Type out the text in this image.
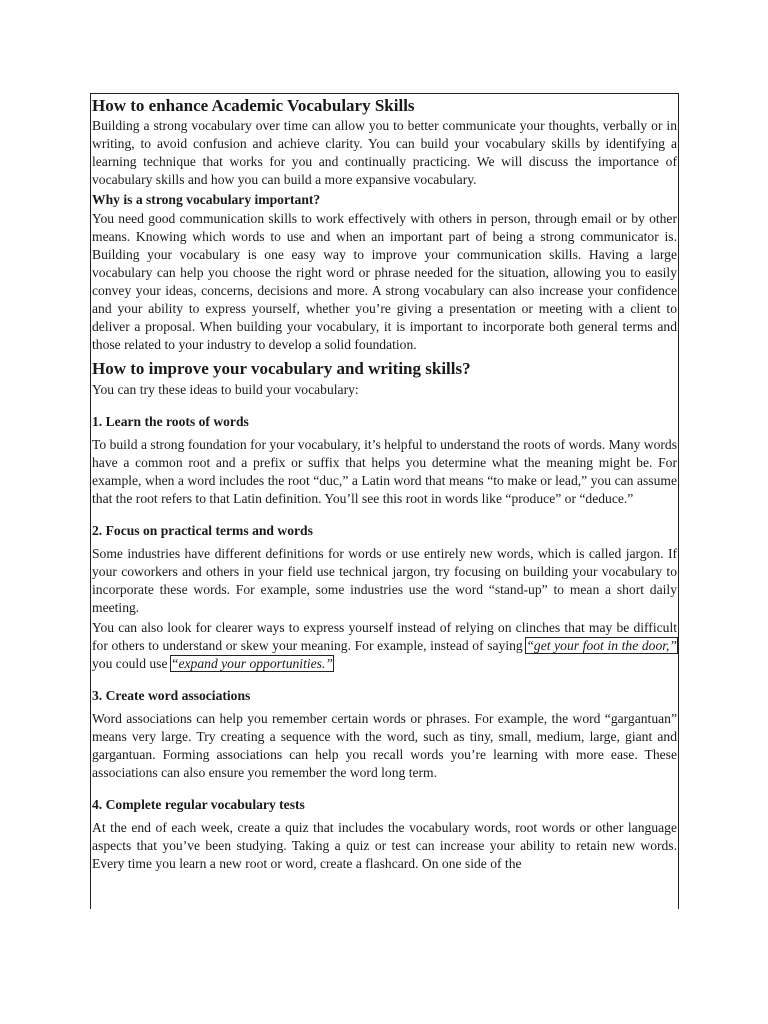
How to enhance Academic Vocabulary Skills

Building a strong vocabulary over time can allow you to better communicate your thoughts, verbally or in writing, to avoid confusion and achieve clarity. You can build your vocabulary skills by identifying a learning technique that works for you and continually practicing. We will discuss the importance of vocabulary skills and how you can build a more expansive vocabulary.

Why is a strong vocabulary important?

You need good communication skills to work effectively with others in person, through email or by other means. Knowing which words to use and when an important part of being a strong communicator is. Building your vocabulary is one easy way to improve your communication skills. Having a large vocabulary can help you choose the right word or phrase needed for the situation, allowing you to easily convey your ideas, concerns, decisions and more. A strong vocabulary can also increase your confidence and your ability to express yourself, whether you’re giving a presentation or meeting with a client to deliver a proposal. When building your vocabulary, it is important to incorporate both general terms and those related to your industry to develop a solid foundation.

How to improve your vocabulary and writing skills?

You can try these ideas to build your vocabulary:

1. Learn the roots of words

To build a strong foundation for your vocabulary, it’s helpful to understand the roots of words. Many words have a common root and a prefix or suffix that helps you determine what the meaning might be. For example, when a word includes the root “duc,” a Latin word that means “to make or lead,” you can assume that the root refers to that Latin definition. You’ll see this root in words like “produce” or “deduce.”

2. Focus on practical terms and words

Some industries have different definitions for words or use entirely new words, which is called jargon. If your coworkers and others in your field use technical jargon, try focusing on building your vocabulary to incorporate these words. For example, some industries use the word “stand-up” to mean a short daily meeting.

You can also look for clearer ways to express yourself instead of relying on clinches that may be difficult for others to understand or skew your meaning. For example, instead of saying “get your foot in the door,” you could use “expand your opportunities.”

3. Create word associations

Word associations can help you remember certain words or phrases. For example, the word “gargantuan” means very large. Try creating a sequence with the word, such as tiny, small, medium, large, giant and gargantuan. Forming associations can help you recall words you’re learning with more ease. These associations can also ensure you remember the word long term.

4. Complete regular vocabulary tests

At the end of each week, create a quiz that includes the vocabulary words, root words or other language aspects that you’ve been studying. Taking a quiz or test can increase your ability to retain new words. Every time you learn a new root or word, create a flashcard. On one side of the
